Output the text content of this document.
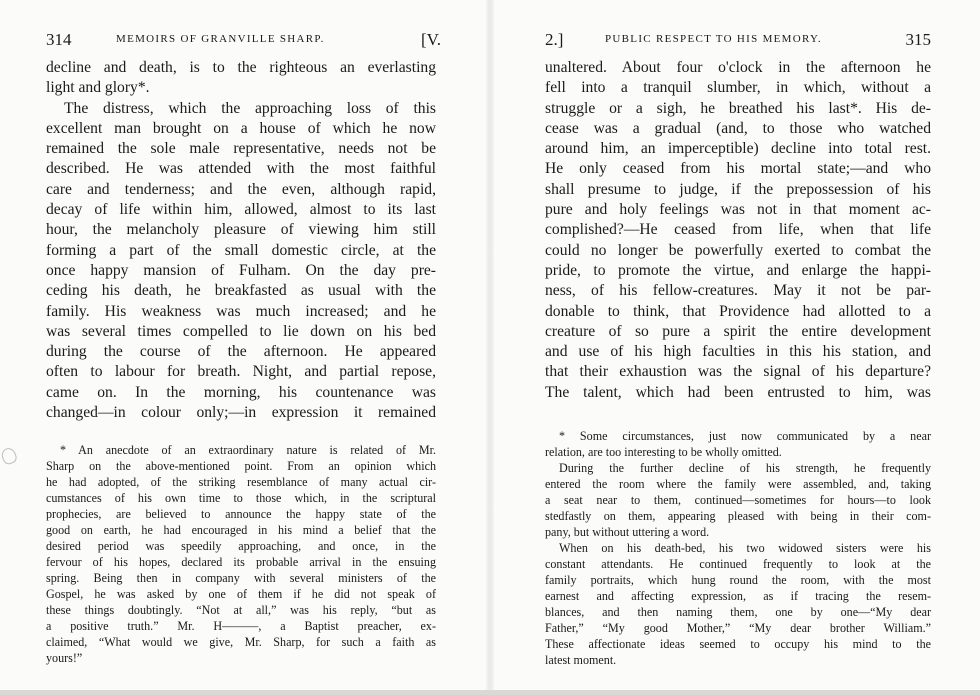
314	MEMOIRS OF GRANVILLE SHARP.	[V.
decline and death, is to the righteous an everlasting
light and glory*.
The distress, which the approaching loss of this
excellent man brought on a house of which he now
remained the sole male representative, needs not be
described. He was attended with the most faithful
care and tenderness; and the even, although rapid,
decay of life within him, allowed, almost to its last
hour, the melancholy pleasure of viewing him still
forming a part of the small domestic circle, at the
once happy mansion of Fulham. On the day pre-
ceding his death, he breakfasted as usual with the
family. His weakness was much increased; and he
was several times compelled to lie down on his bed
during the course of the afternoon. He appeared
often to labour for breath. Night, and partial repose,
came on. In the morning, his countenance was
changed—in colour only;—in expression it remained
* An anecdote of an extraordinary nature is related of Mr.
Sharp on the above-mentioned point. From an opinion which
he had adopted, of the striking resemblance of many actual cir-
cumstances of his own time to those which, in the scriptural
prophecies, are believed to announce the happy state of the
good on earth, he had encouraged in his mind a belief that the
desired period was speedily approaching, and once, in the
fervour of his hopes, declared its probable arrival in the ensuing
spring. Being then in company with several ministers of the
Gospel, he was asked by one of them if he did not speak of
these things doubtingly. “Not at all,” was his reply, “but as
a positive truth.” Mr. H———, a Baptist preacher, ex-
claimed, “What would we give, Mr. Sharp, for such a faith as
yours!”
2.]	PUBLIC RESPECT TO HIS MEMORY.	315
unaltered. About four o'clock in the afternoon he
fell into a tranquil slumber, in which, without a
struggle or a sigh, he breathed his last*. His de-
cease was a gradual (and, to those who watched
around him, an imperceptible) decline into total rest.
He only ceased from his mortal state;—and who
shall presume to judge, if the prepossession of his
pure and holy feelings was not in that moment ac-
complished?—He ceased from life, when that life
could no longer be powerfully exerted to combat the
pride, to promote the virtue, and enlarge the happi-
ness, of his fellow-creatures. May it not be par-
donable to think, that Providence had allotted to a
creature of so pure a spirit the entire development
and use of his high faculties in this his station, and
that their exhaustion was the signal of his departure?
The talent, which had been entrusted to him, was
* Some circumstances, just now communicated by a near
relation, are too interesting to be wholly omitted.
During the further decline of his strength, he frequently
entered the room where the family were assembled, and, taking
a seat near to them, continued—sometimes for hours—to look
stedfastly on them, appearing pleased with being in their com-
pany, but without uttering a word.
When on his death-bed, his two widowed sisters were his
constant attendants. He continued frequently to look at the
family portraits, which hung round the room, with the most
earnest and affecting expression, as if tracing the resem-
blances, and then naming them, one by one—“My dear
Father,” “My good Mother,” “My dear brother William.”
These affectionate ideas seemed to occupy his mind to the
latest moment.
